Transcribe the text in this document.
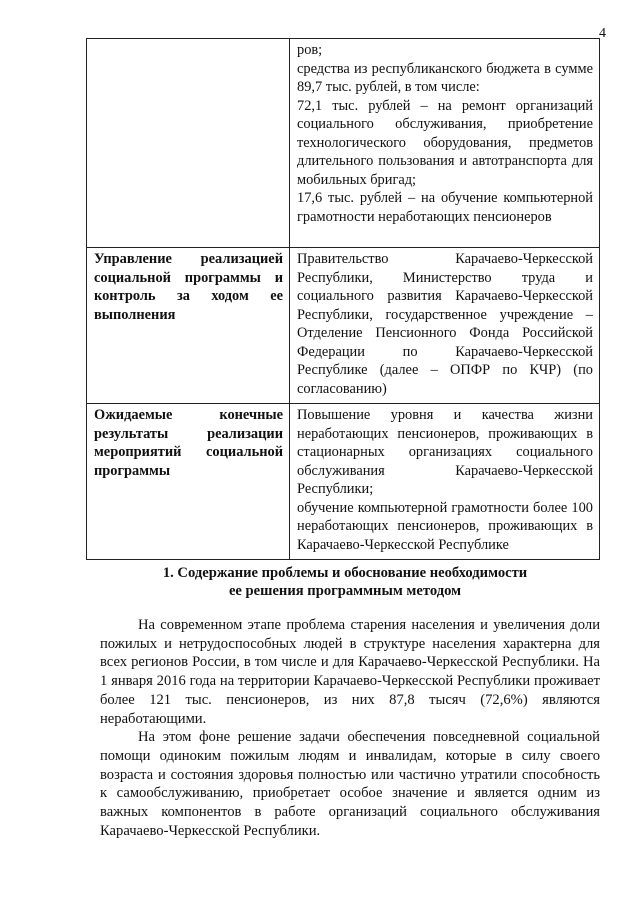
4

	ров;

средства из республиканского бюджета в сумме 89,7 тыс. рублей, в том числе:

72,1 тыс. рублей – на ремонт организаций социального обслуживания, приобретение технологического оборудования, предметов длительного пользования и автотранспорта для мобильных бригад;

17,6 тыс. рублей – на обучение компьютерной грамотности неработающих пенсионеров

Управление реализацией социальной программы и контроль за ходом ее выполнения	Правительство Карачаево-Черкесской Республики, Министерство труда и социального развития Карачаево-Черкесской Республики, государственное учреждение – Отделение Пенсионного Фонда Российской Федерации по Карачаево-Черкесской Республике (далее – ОПФР по КЧР) (по согласованию)

Ожидаемые конечные результаты реализации мероприятий социальной программы	Повышение уровня и качества жизни неработающих пенсионеров, проживающих в стационарных организациях социального обслуживания Карачаево-Черкесской Республики;

обучение компьютерной грамотности более 100 неработающих пенсионеров, проживающих в Карачаево-Черкесской Республике

1. Содержание проблемы и обоснование необходимости
ее решения программным методом

На современном этапе проблема старения населения и увеличения доли пожилых и нетрудоспособных людей в структуре населения характерна для всех регионов России, в том числе и для Карачаево-Черкесской Республики. На 1 января 2016 года на территории Карачаево-Черкесской Республики проживает более 121 тыс. пенсионеров, из них 87,8 тысяч (72,6%) являются неработающими.

На этом фоне решение задачи обеспечения повседневной социальной помощи одиноким пожилым людям и инвалидам, которые в силу своего возраста и состояния здоровья полностью или частично утратили способность к самообслуживанию, приобретает особое значение и является одним из важных компонентов в работе организаций социального обслуживания Карачаево-Черкесской Республики.
